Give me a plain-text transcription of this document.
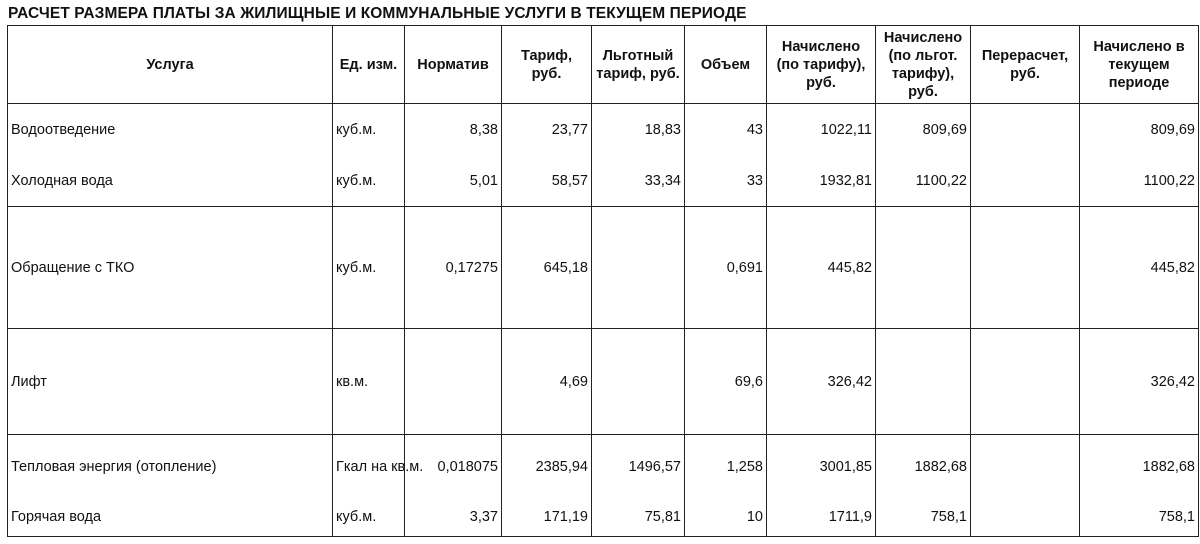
РАСЧЕТ РАЗМЕРА ПЛАТЫ ЗА ЖИЛИЩНЫЕ И КОММУНАЛЬНЫЕ УСЛУГИ В ТЕКУЩЕМ ПЕРИОДЕ
Услуга	Ед. изм.	Норматив	Тариф, руб.	Льготный тариф, руб.	Объем	Начислено (по тарифу), руб.	Начислено (по льгот. тарифу), руб.	Перерасчет, руб.	Начислено в текущем периоде
Водоотведение	куб.м.	8,38	23,77	18,83	43	1022,11	809,69		809,69
Холодная вода	куб.м.	5,01	58,57	33,34	33	1932,81	1100,22		1100,22
Обращение с ТКО	куб.м.	0,17275	645,18		0,691	445,82			445,82
Лифт	кв.м.		4,69		69,6	326,42			326,42
Тепловая энергия (отопление)	Гкал на кв.м.	0,018075	2385,94	1496,57	1,258	3001,85	1882,68		1882,68
Горячая вода	куб.м.	3,37	171,19	75,81	10	1711,9	758,1		758,1
